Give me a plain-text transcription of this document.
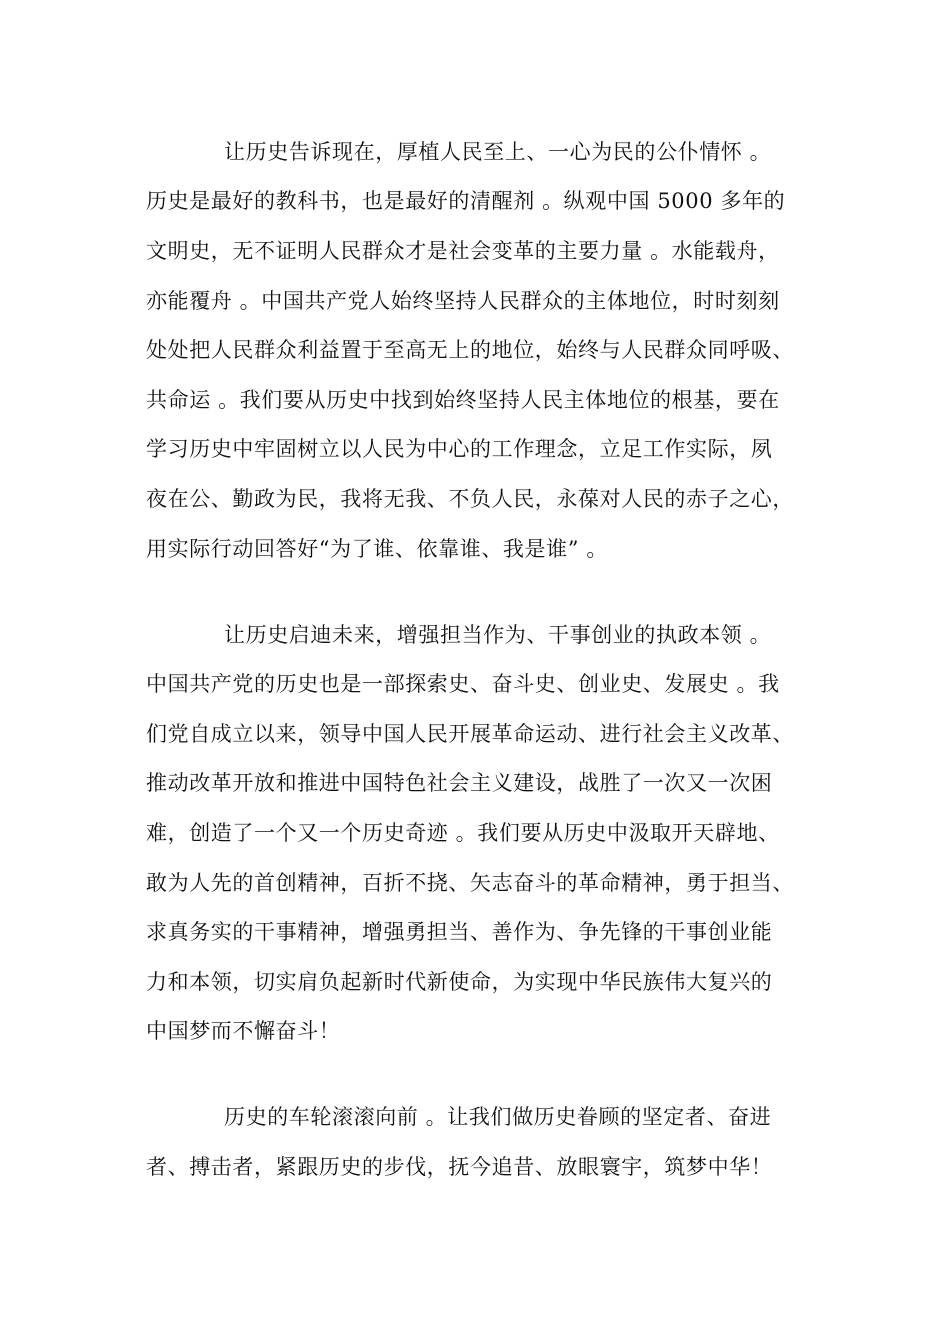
让历史告诉现在，厚植人民至上、一心为民的公仆情怀 。
历史是最好的教科书，也是最好的清醒剂 。纵观中国 5000 多年的
文明史，无不证明人民群众才是社会变革的主要力量 。水能载舟，
亦能覆舟 。中国共产党人始终坚持人民群众的主体地位，时时刻刻
处处把人民群众利益置于至高无上的地位，始终与人民群众同呼吸、
共命运 。我们要从历史中找到始终坚持人民主体地位的根基，要在
学习历史中牢固树立以人民为中心的工作理念，立足工作实际，夙
夜在公、勤政为民，我将无我、不负人民，永葆对人民的赤子之心，
用实际行动回答好“为了谁、依靠谁、我是谁” 。
让历史启迪未来，增强担当作为、干事创业的执政本领 。
中国共产党的历史也是一部探索史、奋斗史、创业史、发展史 。我
们党自成立以来，领导中国人民开展革命运动、进行社会主义改革、
推动改革开放和推进中国特色社会主义建设，战胜了一次又一次困
难，创造了一个又一个历史奇迹 。我们要从历史中汲取开天辟地、
敢为人先的首创精神，百折不挠、矢志奋斗的革命精神，勇于担当、
求真务实的干事精神，增强勇担当、善作为、争先锋的干事创业能
力和本领，切实肩负起新时代新使命，为实现中华民族伟大复兴的
中国梦而不懈奋斗！
历史的车轮滚滚向前 。让我们做历史眷顾的坚定者、奋进
者、搏击者，紧跟历史的步伐，抚今追昔、放眼寰宇，筑梦中华！
